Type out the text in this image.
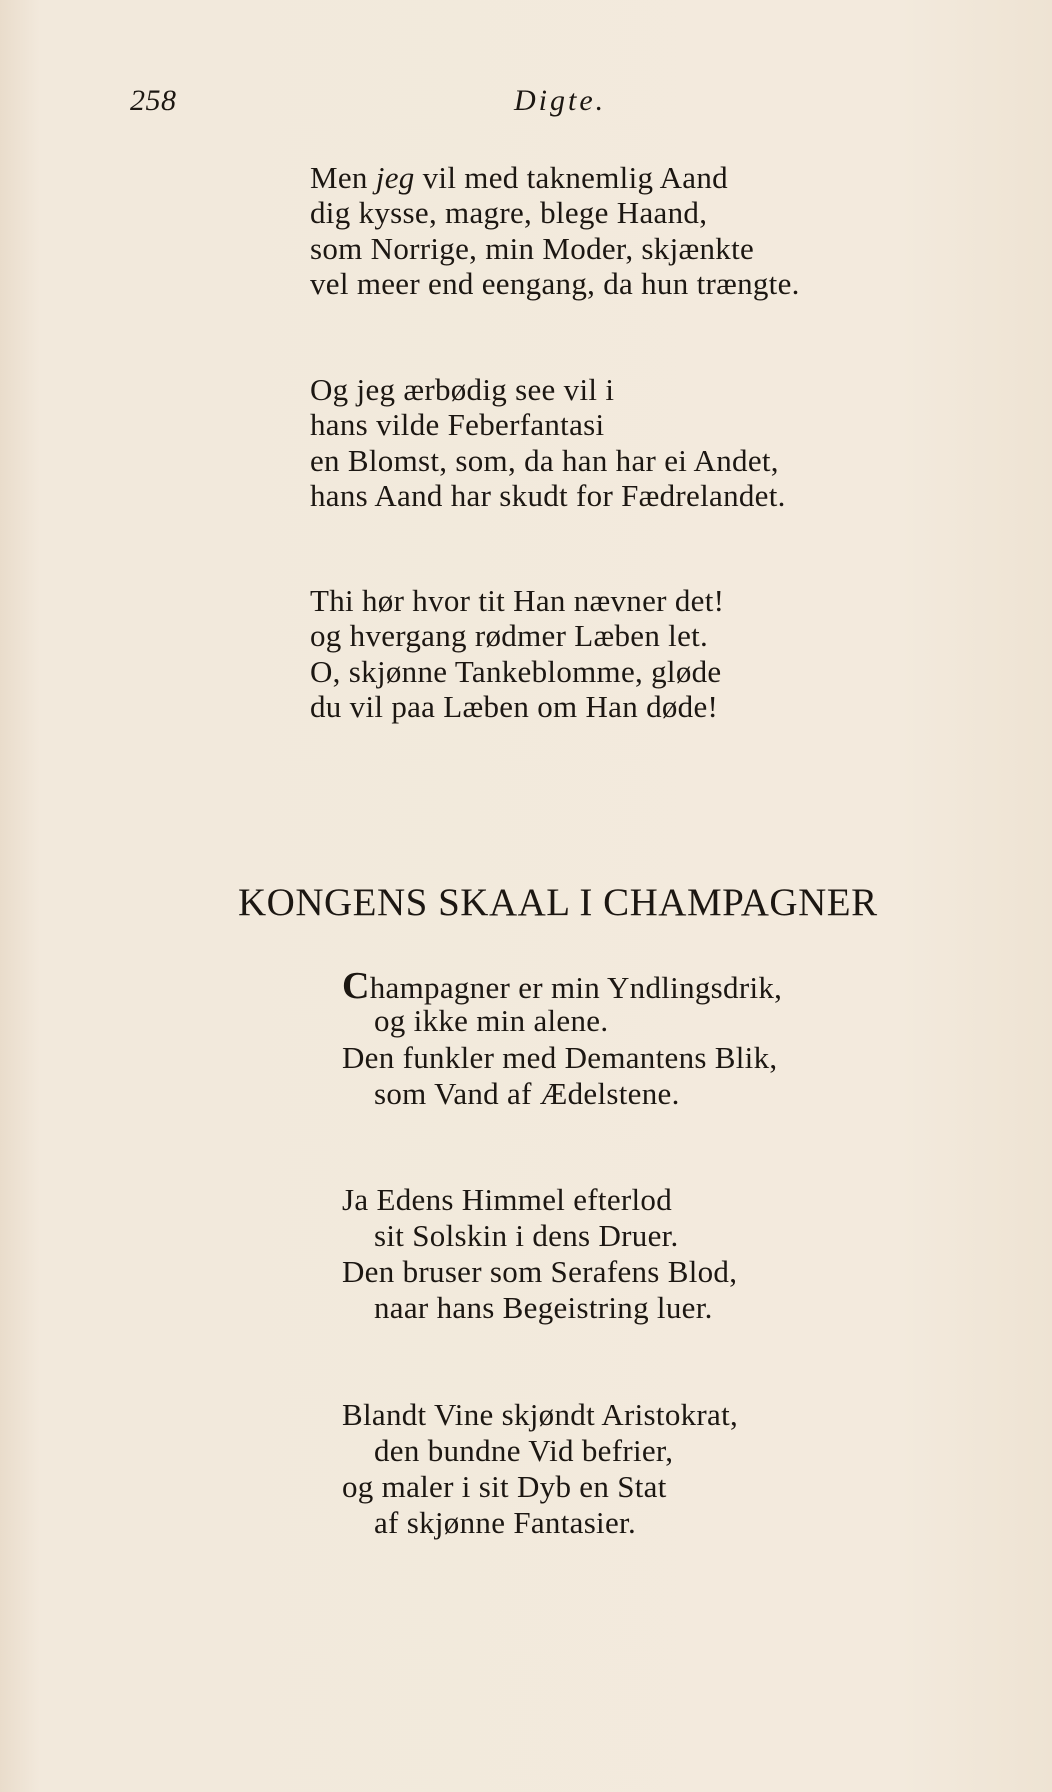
258	Digte.
Men jeg vil med taknemlig Aand
dig kysse, magre, blege Haand,
som Norrige, min Moder, skjænkte
vel meer end eengang, da hun trængte.
Og jeg ærbødig see vil i
hans vilde Feberfantasi
en Blomst, som, da han har ei Andet,
hans Aand har skudt for Fædrelandet.
Thi hør hvor tit Han nævner det!
og hvergang rødmer Læben let.
O, skjønne Tankeblomme, gløde
du vil paa Læben om Han døde!
KONGENS SKAAL I CHAMPAGNER
Champagner er min Yndlingsdrik,
og ikke min alene.
Den funkler med Demantens Blik,
som Vand af Ædelstene.
Ja Edens Himmel efterlod
sit Solskin i dens Druer.
Den bruser som Serafens Blod,
naar hans Begeistring luer.
Blandt Vine skjøndt Aristokrat,
den bundne Vid befrier,
og maler i sit Dyb en Stat
af skjønne Fantasier.
